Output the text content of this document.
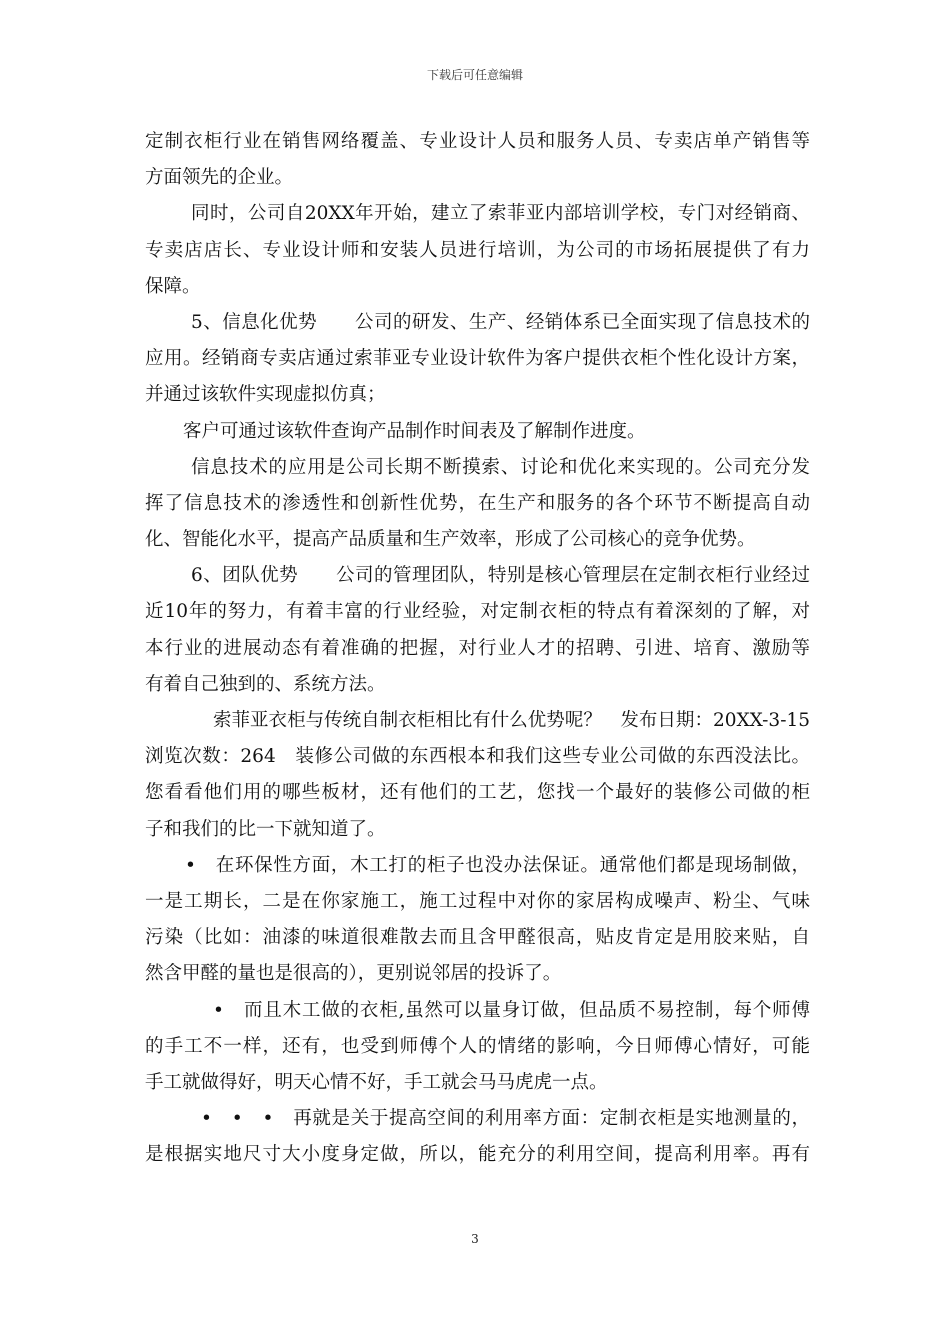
下载后可任意编辑
定制衣柜行业在销售网络覆盖、专业设计人员和服务人员、专卖店单产销售等
方面领先的企业。
同时，公司自20XX年开始，建立了索菲亚内部培训学校，专门对经销商、
专卖店店长、专业设计师和安装人员进行培训，为公司的市场拓展提供了有力
保障。
5、信息化优势　　公司的研发、生产、经销体系已全面实现了信息技术的
应用。经销商专卖店通过索菲亚专业设计软件为客户提供衣柜个性化设计方案，
并通过该软件实现虚拟仿真；
客户可通过该软件查询产品制作时间表及了解制作进度。
信息技术的应用是公司长期不断摸索、讨论和优化来实现的。公司充分发
挥了信息技术的渗透性和创新性优势，在生产和服务的各个环节不断提高自动
化、智能化水平，提高产品质量和生产效率，形成了公司核心的竞争优势。
6、团队优势　　公司的管理团队，特别是核心管理层在定制衣柜行业经过
近10年的努力，有着丰富的行业经验，对定制衣柜的特点有着深刻的了解，对
本行业的进展动态有着准确的把握，对行业人才的招聘、引进、培育、激励等
有着自己独到的、系统方法。
索菲亚衣柜与传统自制衣柜相比有什么优势呢？　发布日期：20XX-3-15
浏览次数：264　装修公司做的东西根本和我们这些专业公司做的东西没法比。
您看看他们用的哪些板材，还有他们的工艺，您找一个最好的装修公司做的柜
子和我们的比一下就知道了。
•　在环保性方面，木工打的柜子也没办法保证。通常他们都是现场制做，
一是工期长，二是在你家施工，施工过程中对你的家居构成噪声、粉尘、气味
污染（比如：油漆的味道很难散去而且含甲醛很高，贴皮肯定是用胶来贴，自
然含甲醛的量也是很高的），更别说邻居的投诉了。
•　而且木工做的衣柜,虽然可以量身订做，但品质不易控制，每个师傅
的手工不一样，还有，也受到师傅个人的情绪的影响，今日师傅心情好，可能
手工就做得好，明天心情不好，手工就会马马虎虎一点。
•　•　•　再就是关于提高空间的利用率方面：定制衣柜是实地测量的，
是根据实地尺寸大小度身定做，所以，能充分的利用空间，提高利用率。再有
3
